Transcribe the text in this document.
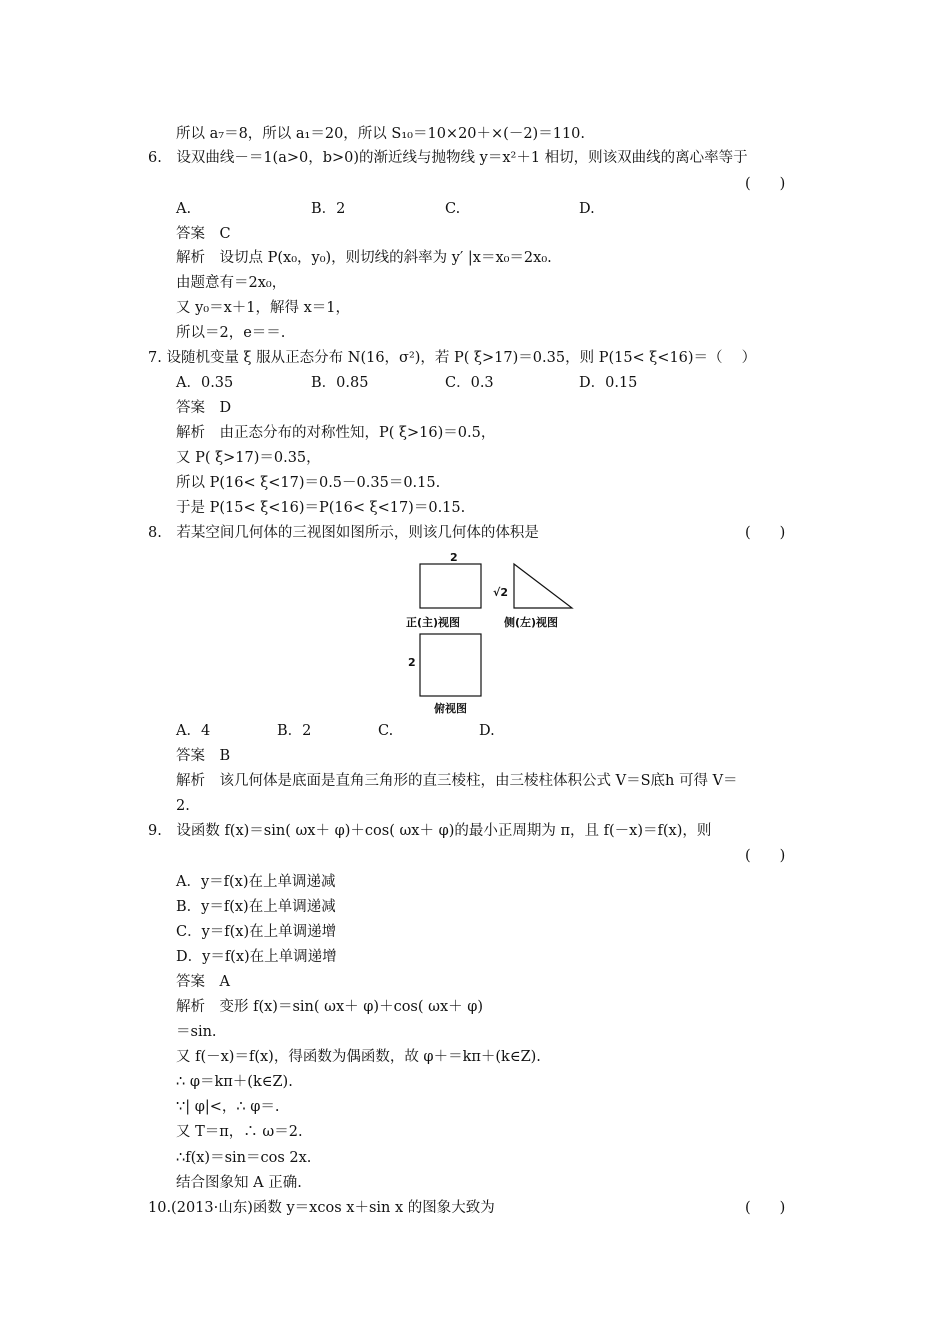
所以 a₇＝8，所以 a₁＝20，所以 S₁₀＝10×20＋×(－2)＝110.
6.　设双曲线－＝1(a>0，b>0)的渐近线与抛物线 y＝x²＋1 相切，则该双曲线的离心率等于
答案　C
解析　设切点 P(x₀，y₀)，则切线的斜率为 y′ |x＝x₀＝2x₀.
由题意有＝2x₀，
又 y₀＝x＋1，解得 x＝1，
所以＝2，e＝＝.
7. 设随机变量 ξ 服从正态分布 N(16，σ²)，若 P( ξ>17)＝0.35，则 P(15< ξ<16)＝（　 ）
答案　D
解析　由正态分布的对称性知，P( ξ>16)＝0.5，
又 P( ξ>17)＝0.35，
所以 P(16< ξ<17)＝0.5－0.35＝0.15.
于是 P(15< ξ<16)＝P(16< ξ<17)＝0.15.
8.　若某空间几何体的三视图如图所示，则该几何体的体积是
答案　B
解析　该几何体是底面是直角三角形的直三棱柱，由三棱柱体积公式 V＝S底h 可得 V＝
2.
9.　设函数 f(x)＝sin( ωx＋ φ)＋cos( ωx＋ φ)的最小正周期为 π，且 f(－x)＝f(x)，则
A．y＝f(x)在上单调递减
B．y＝f(x)在上单调递减
C．y＝f(x)在上单调递增
D．y＝f(x)在上单调递增
答案　A
解析　变形 f(x)＝sin( ωx＋ φ)＋cos( ωx＋ φ)
＝sin.
又 f(－x)＝f(x)，得函数为偶函数，故 φ＋＝kπ＋(k∈Z).
∴ φ＝kπ＋(k∈Z).
∵| φ|<，∴ φ＝.
又 T＝π，∴ ω＝2.
∴f(x)＝sin＝cos 2x.
结合图象知 A 正确.
10.(2013·山东)函数 y＝xcos x＋sin x 的图象大致为
(　　)
(　　)
(　　)
(　　)
A.	B．2	C.	D.
A．0.35	B．0.85	C．0.3	D．0.15
A．4	B．2	C.	D.
2
正(主)视图
√2
侧(左)视图
2
俯视图
